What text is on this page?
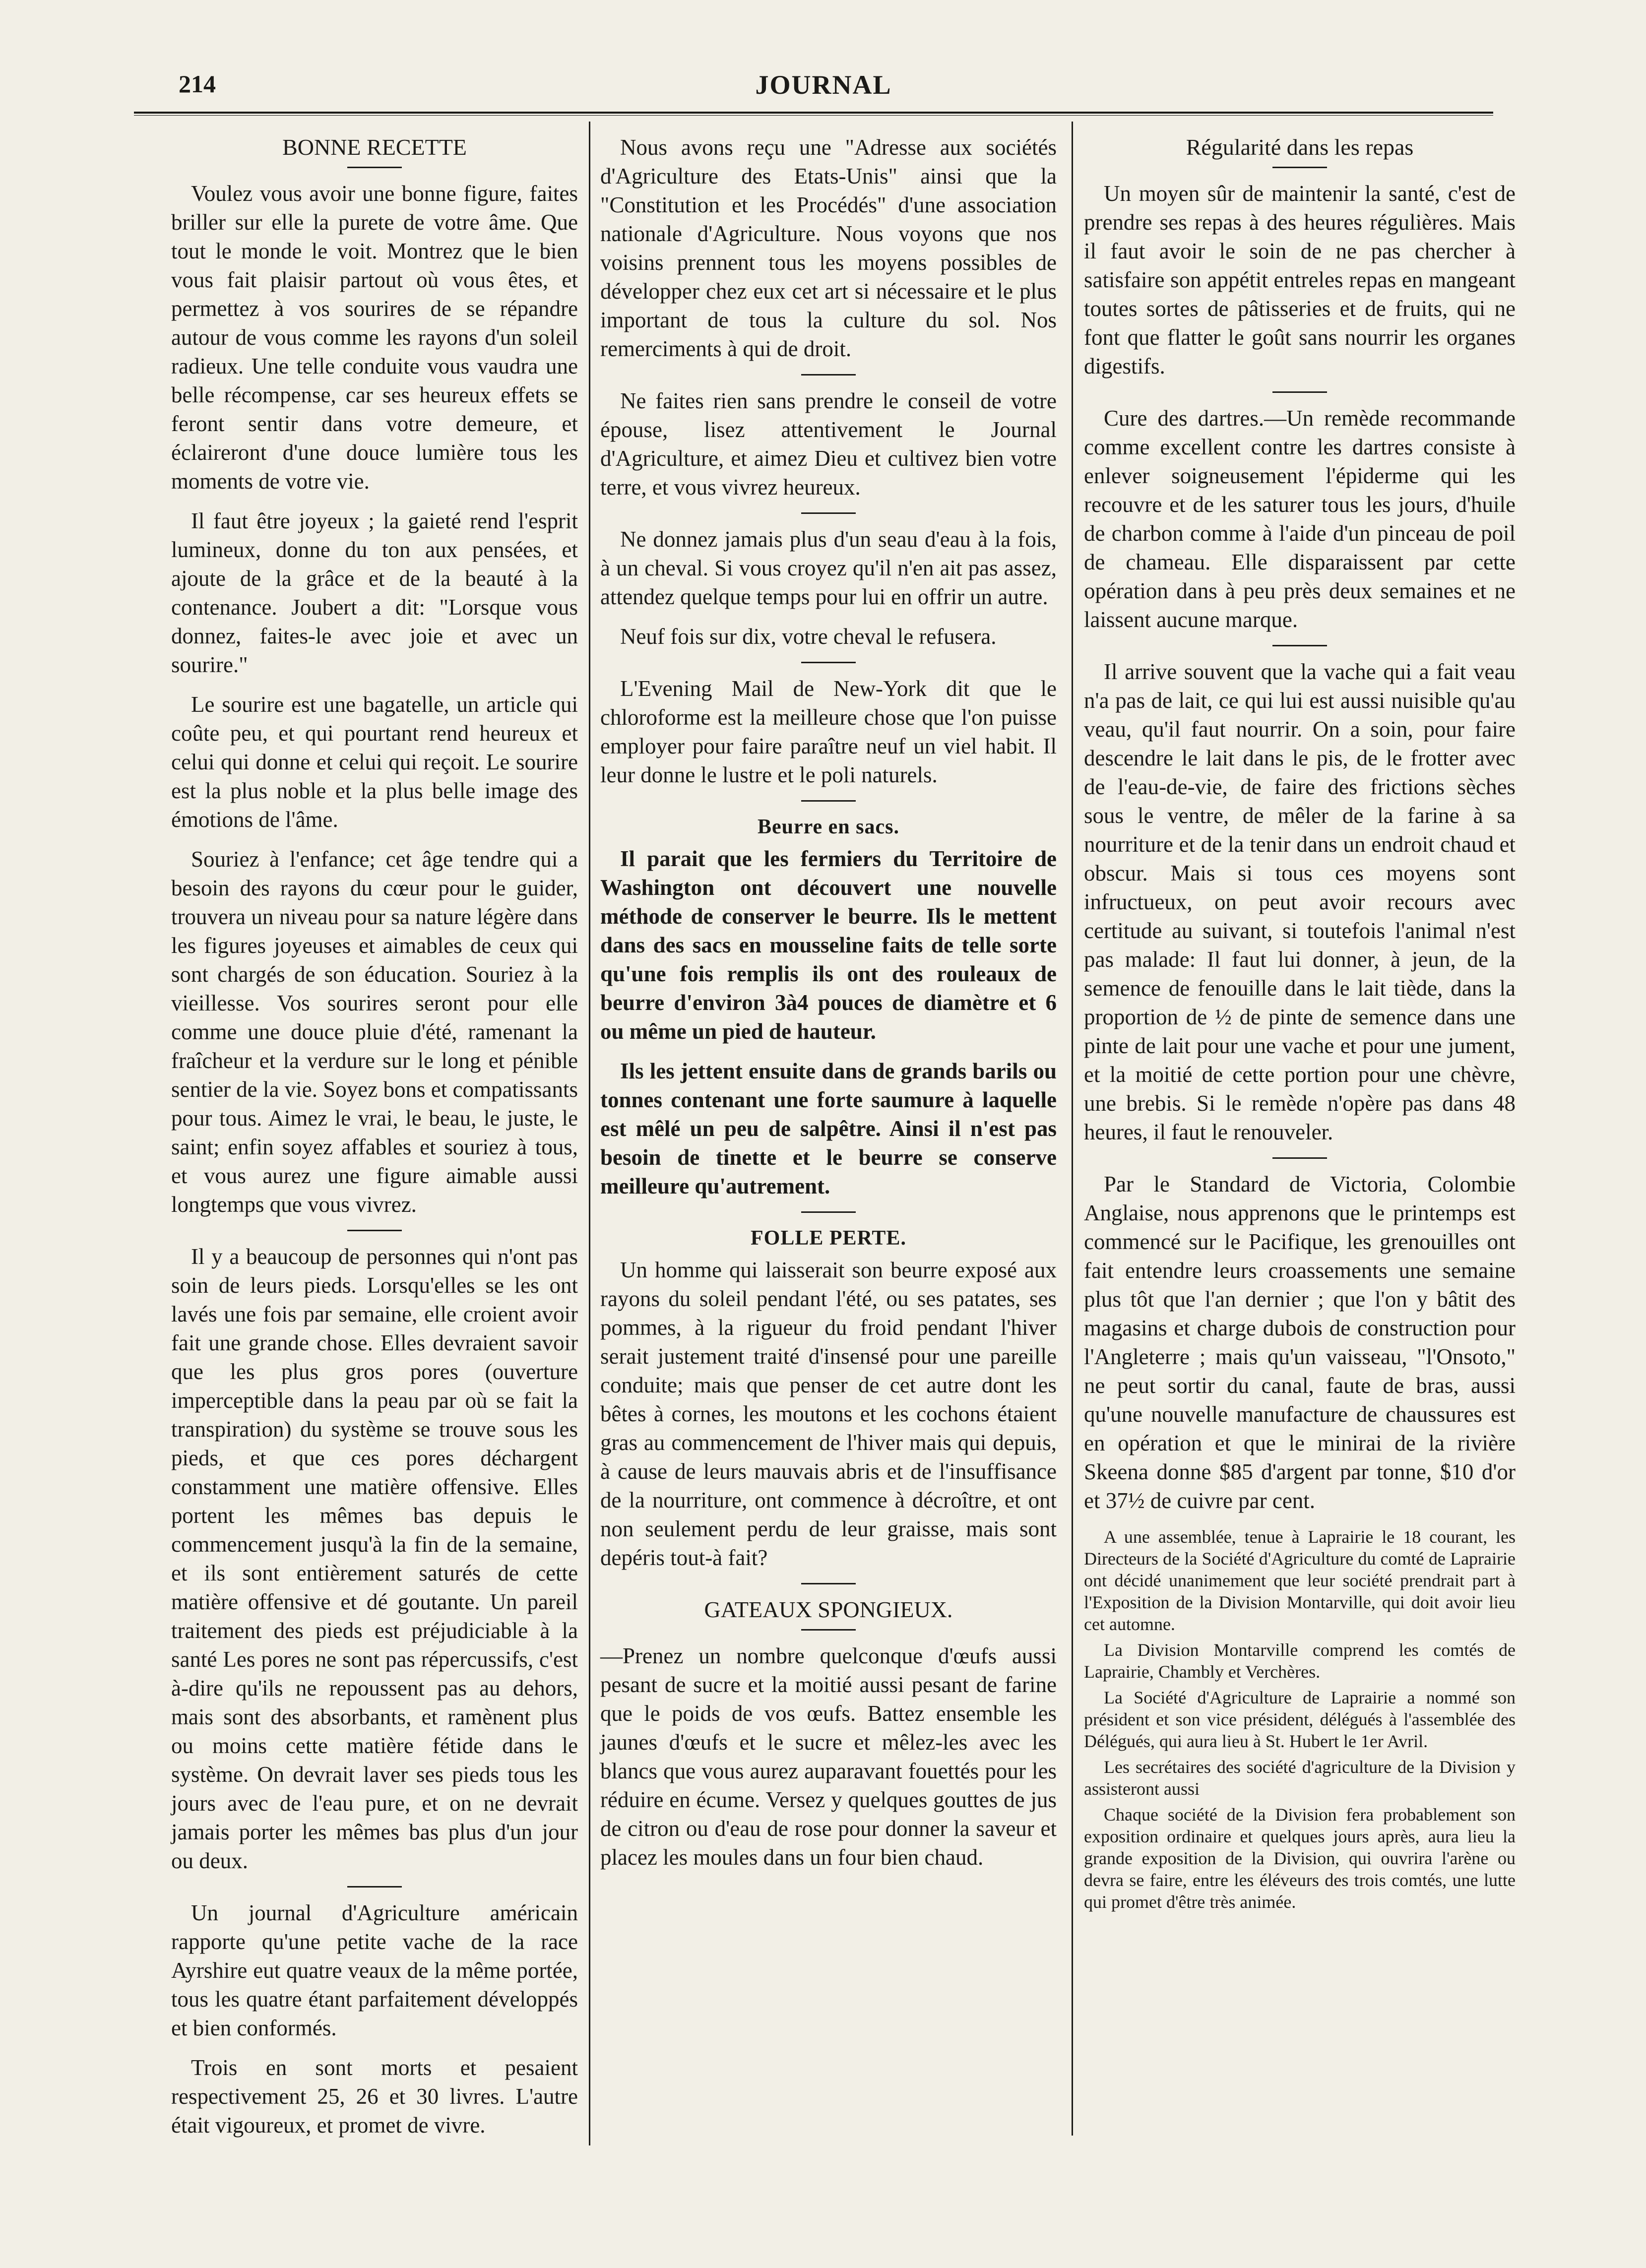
214	JOURNAL
BONNE RECETTE

Voulez vous avoir une bonne figure, faites briller sur elle la purete de votre âme. Que tout le monde le voit. Montrez que le bien vous fait plaisir partout où vous êtes, et permettez à vos sourires de se répandre autour de vous comme les rayons d'un soleil radieux. Une telle conduite vous vaudra une belle récompense, car ses heureux effets se feront sentir dans votre demeure, et éclaireront d'une douce lumière tous les moments de votre vie.

Il faut être joyeux ; la gaieté rend l'esprit lumineux, donne du ton aux pensées, et ajoute de la grâce et de la beauté à la contenance. Joubert a dit: "Lorsque vous donnez, faites-le avec joie et avec un sourire."

Le sourire est une bagatelle, un article qui coûte peu, et qui pourtant rend heureux et celui qui donne et celui qui reçoit. Le sourire est la plus noble et la plus belle image des émotions de l'âme.

Souriez à l'enfance; cet âge tendre qui a besoin des rayons du cœur pour le guider, trouvera un niveau pour sa nature légère dans les figures joyeuses et aimables de ceux qui sont chargés de son éducation. Souriez à la vieillesse. Vos sourires seront pour elle comme une douce pluie d'été, ramenant la fraîcheur et la verdure sur le long et pénible sentier de la vie. Soyez bons et compatissants pour tous. Aimez le vrai, le beau, le juste, le saint; enfin soyez affables et souriez à tous, et vous aurez une figure aimable aussi longtemps que vous vivrez.

Il y a beaucoup de personnes qui n'ont pas soin de leurs pieds. Lorsqu'elles se les ont lavés une fois par semaine, elle croient avoir fait une grande chose. Elles devraient savoir que les plus gros pores (ouverture imperceptible dans la peau par où se fait la transpiration) du système se trouve sous les pieds, et que ces pores déchargent constamment une matière offensive. Elles portent les mêmes bas depuis le commencement jusqu'à la fin de la semaine, et ils sont entièrement saturés de cette matière offensive et dé goutante. Un pareil traitement des pieds est préjudiciable à la santé Les pores ne sont pas répercussifs, c'est à-dire qu'ils ne repoussent pas au dehors, mais sont des absorbants, et ramènent plus ou moins cette matière fétide dans le système. On devrait laver ses pieds tous les jours avec de l'eau pure, et on ne devrait jamais porter les mêmes bas plus d'un jour ou deux.

Un journal d'Agriculture américain rapporte qu'une petite vache de la race Ayrshire eut quatre veaux de la même portée, tous les quatre étant parfaitement développés et bien conformés.

Trois en sont morts et pesaient respectivement 25, 26 et 30 livres. L'autre était vigoureux, et promet de vivre.

Nous avons reçu une "Adresse aux sociétés d'Agriculture des Etats-Unis" ainsi que la "Constitution et les Procédés" d'une association nationale d'Agriculture. Nous voyons que nos voisins prennent tous les moyens possibles de développer chez eux cet art si nécessaire et le plus important de tous la culture du sol. Nos remerciments à qui de droit.

Ne faites rien sans prendre le conseil de votre épouse, lisez attentivement le Journal d'Agriculture, et aimez Dieu et cultivez bien votre terre, et vous vivrez heureux.

Ne donnez jamais plus d'un seau d'eau à la fois, à un cheval. Si vous croyez qu'il n'en ait pas assez, attendez quelque temps pour lui en offrir un autre.

Neuf fois sur dix, votre cheval le refusera.

L'Evening Mail de New-York dit que le chloroforme est la meilleure chose que l'on puisse employer pour faire paraître neuf un viel habit. Il leur donne le lustre et le poli naturels.

Beurre en sacs.

Il parait que les fermiers du Territoire de Washington ont découvert une nouvelle méthode de conserver le beurre. Ils le mettent dans des sacs en mousseline faits de telle sorte qu'une fois remplis ils ont des rouleaux de beurre d'environ 3à4 pouces de diamètre et 6 ou même un pied de hauteur.

Ils les jettent ensuite dans de grands barils ou tonnes contenant une forte saumure à laquelle est mêlé un peu de salpêtre. Ainsi il n'est pas besoin de tinette et le beurre se conserve meilleure qu'autrement.

FOLLE PERTE.

Un homme qui laisserait son beurre exposé aux rayons du soleil pendant l'été, ou ses patates, ses pommes, à la rigueur du froid pendant l'hiver serait justement traité d'insensé pour une pareille conduite; mais que penser de cet autre dont les bêtes à cornes, les moutons et les cochons étaient gras au commencement de l'hiver mais qui depuis, à cause de leurs mauvais abris et de l'insuffisance de la nourriture, ont commence à décroître, et ont non seulement perdu de leur graisse, mais sont depéris tout-à fait?

GATEAUX SPONGIEUX.

—Prenez un nombre quelconque d'œufs aussi pesant de sucre et la moitié aussi pesant de farine que le poids de vos œufs. Battez ensemble les jaunes d'œufs et le sucre et mêlez-les avec les blancs que vous aurez auparavant fouettés pour les réduire en écume. Versez y quelques gouttes de jus de citron ou d'eau de rose pour donner la saveur et placez les moules dans un four bien chaud.

Régularité dans les repas

Un moyen sûr de maintenir la santé, c'est de prendre ses repas à des heures régulières. Mais il faut avoir le soin de ne pas chercher à satisfaire son appétit entreles repas en mangeant toutes sortes de pâtisseries et de fruits, qui ne font que flatter le goût sans nourrir les organes digestifs.

Cure des dartres.—Un remède recommande comme excellent contre les dartres consiste à enlever soigneusement l'épiderme qui les recouvre et de les saturer tous les jours, d'huile de charbon comme à l'aide d'un pinceau de poil de chameau. Elle disparaissent par cette opération dans à peu près deux semaines et ne laissent aucune marque.

Il arrive souvent que la vache qui a fait veau n'a pas de lait, ce qui lui est aussi nuisible qu'au veau, qu'il faut nourrir. On a soin, pour faire descendre le lait dans le pis, de le frotter avec de l'eau-de-vie, de faire des frictions sèches sous le ventre, de mêler de la farine à sa nourriture et de la tenir dans un endroit chaud et obscur. Mais si tous ces moyens sont infructueux, on peut avoir recours avec certitude au suivant, si toutefois l'animal n'est pas malade: Il faut lui donner, à jeun, de la semence de fenouille dans le lait tiède, dans la proportion de ½ de pinte de semence dans une pinte de lait pour une vache et pour une jument, et la moitié de cette portion pour une chèvre, une brebis. Si le remède n'opère pas dans 48 heures, il faut le renouveler.

Par le Standard de Victoria, Colombie Anglaise, nous apprenons que le printemps est commencé sur le Pacifique, les grenouilles ont fait entendre leurs croassements une semaine plus tôt que l'an dernier ; que l'on y bâtit des magasins et charge dubois de construction pour l'Angleterre ; mais qu'un vaisseau, "l'Onsoto," ne peut sortir du canal, faute de bras, aussi qu'une nouvelle manufacture de chaussures est en opération et que le minirai de la rivière Skeena donne $85 d'argent par tonne, $10 d'or et 37½ de cuivre par cent.

A une assemblée, tenue à Laprairie le 18 courant, les Directeurs de la Société d'Agriculture du comté de Laprairie ont décidé unanimement que leur société prendrait part à l'Exposition de la Division Montarville, qui doit avoir lieu cet automne.

La Division Montarville comprend les comtés de Laprairie, Chambly et Verchères.

La Société d'Agriculture de Laprairie a nommé son président et son vice président, délégués à l'assemblée des Délégués, qui aura lieu à St. Hubert le 1er Avril.

Les secrétaires des société d'agriculture de la Division y assisteront aussi

Chaque société de la Division fera probablement son exposition ordinaire et quelques jours après, aura lieu la grande exposition de la Division, qui ouvrira l'arène ou devra se faire, entre les éléveurs des trois comtés, une lutte qui promet d'être très animée.
